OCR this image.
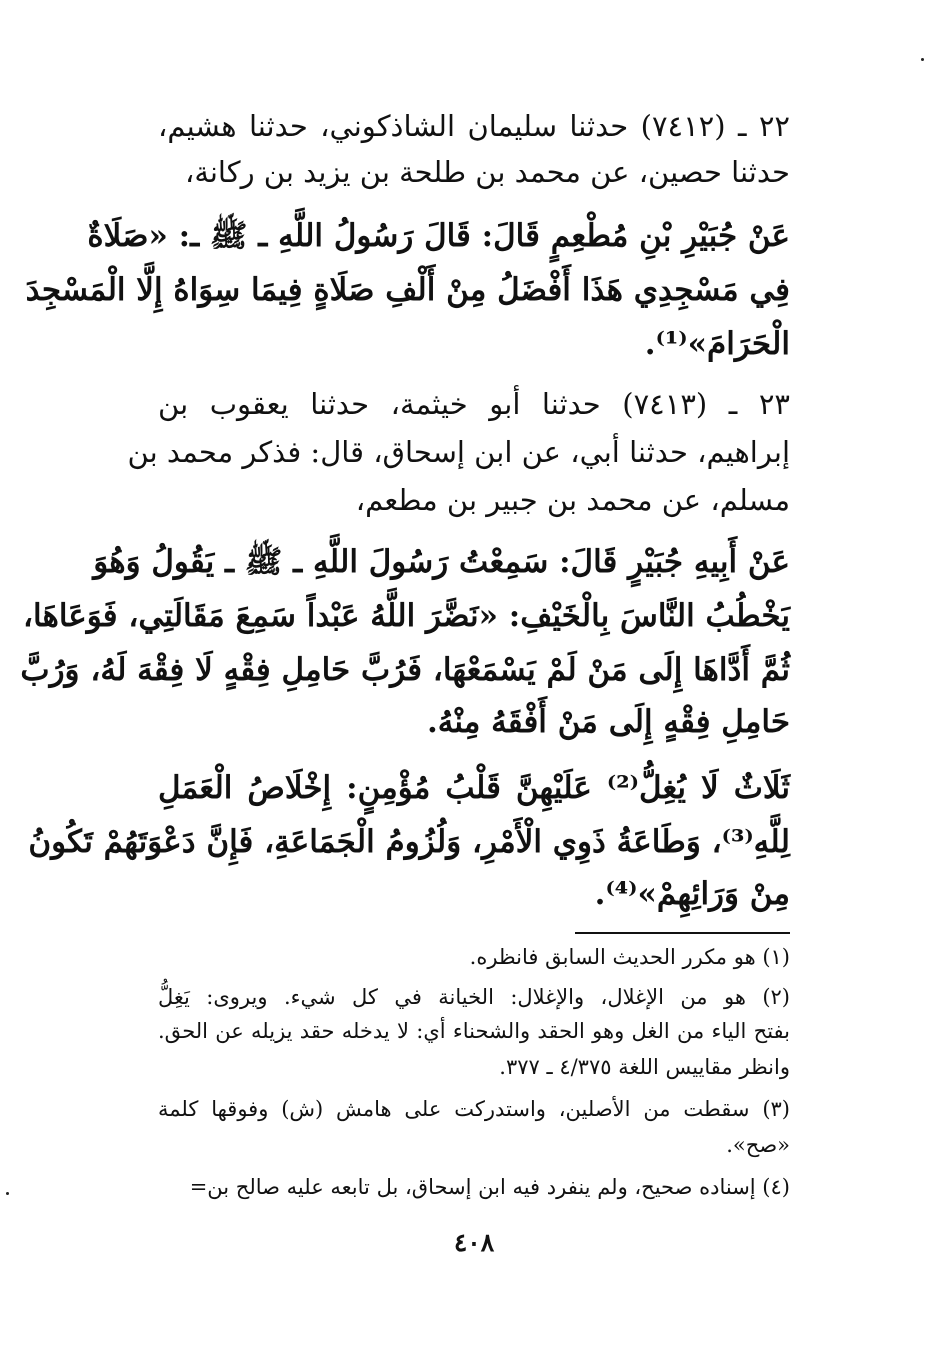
٢٢ ـ (٧٤١٢) حدثنا سليمان الشاذكوني، حدثنا هشيم،
حدثنا حصين، عن محمد بن طلحة بن يزيد بن ركانة،
عَنْ جُبَيْرِ بْنِ مُطْعِمٍ قَالَ: قَالَ رَسُولُ اللَّهِ ـ ﷺ ـ: «صَلَاةٌ
فِي مَسْجِدِي هَذَا أَفْضَلُ مِنْ أَلْفِ صَلَاةٍ فِيمَا سِوَاهُ إِلَّا الْمَسْجِدَ
الْحَرَامَ»⁽¹⁾.
٢٣ ـ (٧٤١٣) حدثنا أبو خيثمة، حدثنا يعقوب بن
إبراهيم، حدثنا أبي، عن ابن إسحاق، قال: فذكر محمد بن
مسلم، عن محمد بن جبير بن مطعم،
عَنْ أَبِيهِ جُبَيْرٍ قَالَ: سَمِعْتُ رَسُولَ اللَّهِ ـ ﷺ ـ يَقُولُ وَهُوَ
يَخْطُبُ النَّاسَ بِالْخَيْفِ: «نَضَّرَ اللَّهُ عَبْداً سَمِعَ مَقَالَتِي، فَوَعَاهَا،
ثُمَّ أَدَّاهَا إِلَى مَنْ لَمْ يَسْمَعْهَا، فَرُبَّ حَامِلِ فِقْهٍ لَا فِقْهَ لَهُ، وَرُبَّ
حَامِلِ فِقْهٍ إِلَى مَنْ أَفْقَهُ مِنْهُ.
ثَلَاثٌ لَا يُغِلُّ⁽²⁾ عَلَيْهِنَّ قَلْبُ مُؤْمِنٍ: إِخْلَاصُ الْعَمَلِ
لِلَّهِ⁽³⁾، وَطَاعَةُ ذَوِي الْأَمْرِ، وَلُزُومُ الْجَمَاعَةِ، فَإِنَّ دَعْوَتَهُمْ تَكُونُ
مِنْ وَرَائِهِمْ»⁽⁴⁾.
(١) هو مكرر الحديث السابق فانظره.
(٢) هو من الإغلال، والإغلال: الخيانة في كل شيء. ويروى: يَغِلُّ
بفتح الياء من الغل وهو الحقد والشحناء أي: لا يدخله حقد يزيله عن الحق.
وانظر مقاييس اللغة ٤/٣٧٥ ـ ٣٧٧.
(٣) سقطت من الأصلين، واستدركت على هامش (ش) وفوقها كلمة
«صح».
(٤) إسناده صحيح، ولم ينفرد فيه ابن إسحاق، بل تابعه عليه صالح بن=
٤٠٨
